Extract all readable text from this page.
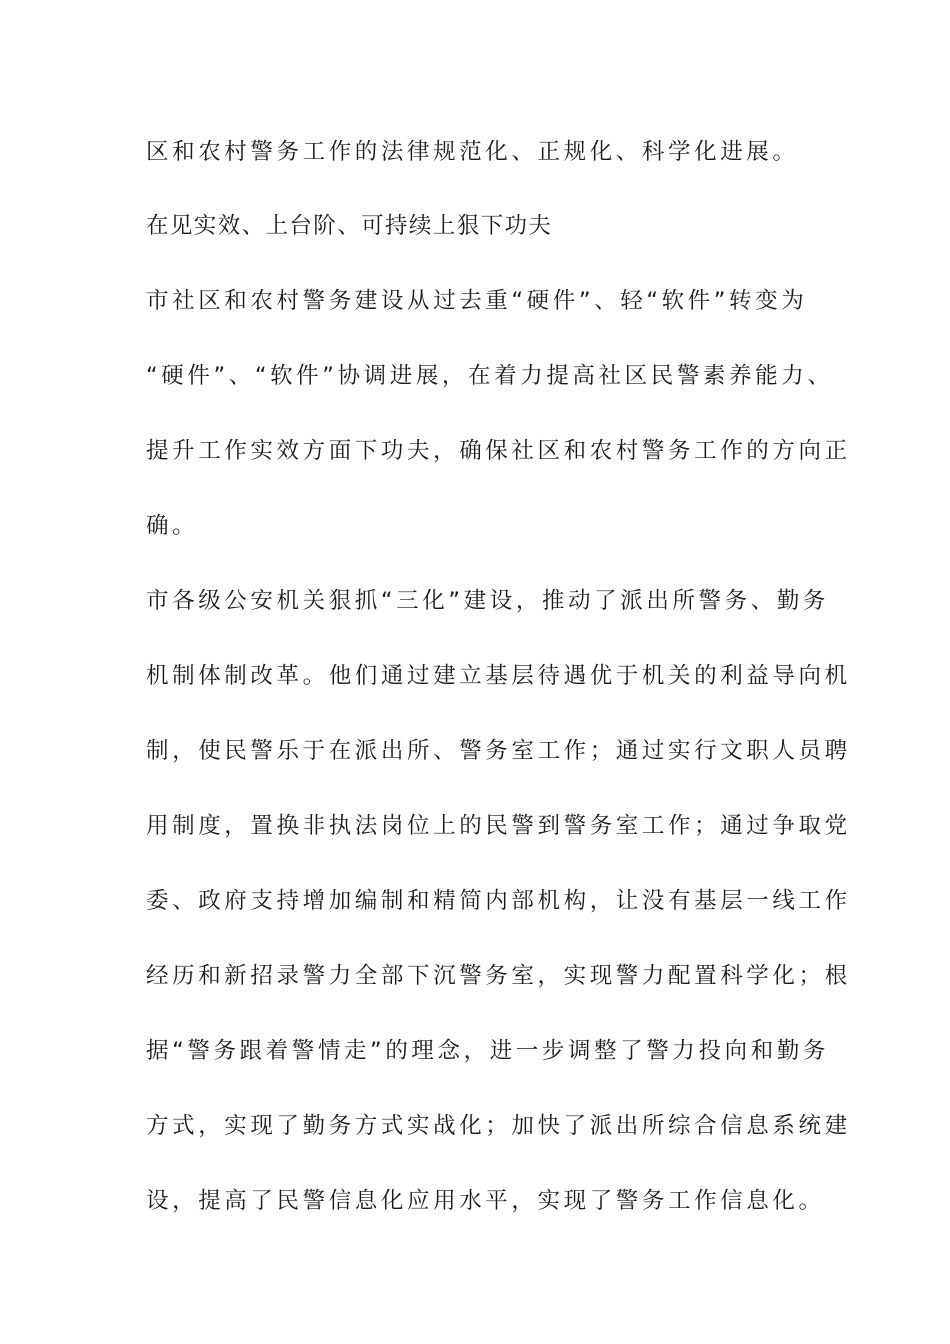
区和农村警务工作的法律规范化、正规化、科学化进展。
在见实效、上台阶、可持续上狠下功夫
市社区和农村警务建设从过去重“硬件”、轻“软件”转变为
“硬件”、“软件”协调进展，在着力提高社区民警素养能力、
提升工作实效方面下功夫，确保社区和农村警务工作的方向正
确。
市各级公安机关狠抓“三化”建设，推动了派出所警务、勤务
机制体制改革。他们通过建立基层待遇优于机关的利益导向机
制，使民警乐于在派出所、警务室工作；通过实行文职人员聘
用制度，置换非执法岗位上的民警到警务室工作；通过争取党
委、政府支持增加编制和精简内部机构，让没有基层一线工作
经历和新招录警力全部下沉警务室，实现警力配置科学化；根
据“警务跟着警情走”的理念，进一步调整了警力投向和勤务
方式，实现了勤务方式实战化；加快了派出所综合信息系统建
设，提高了民警信息化应用水平，实现了警务工作信息化。
